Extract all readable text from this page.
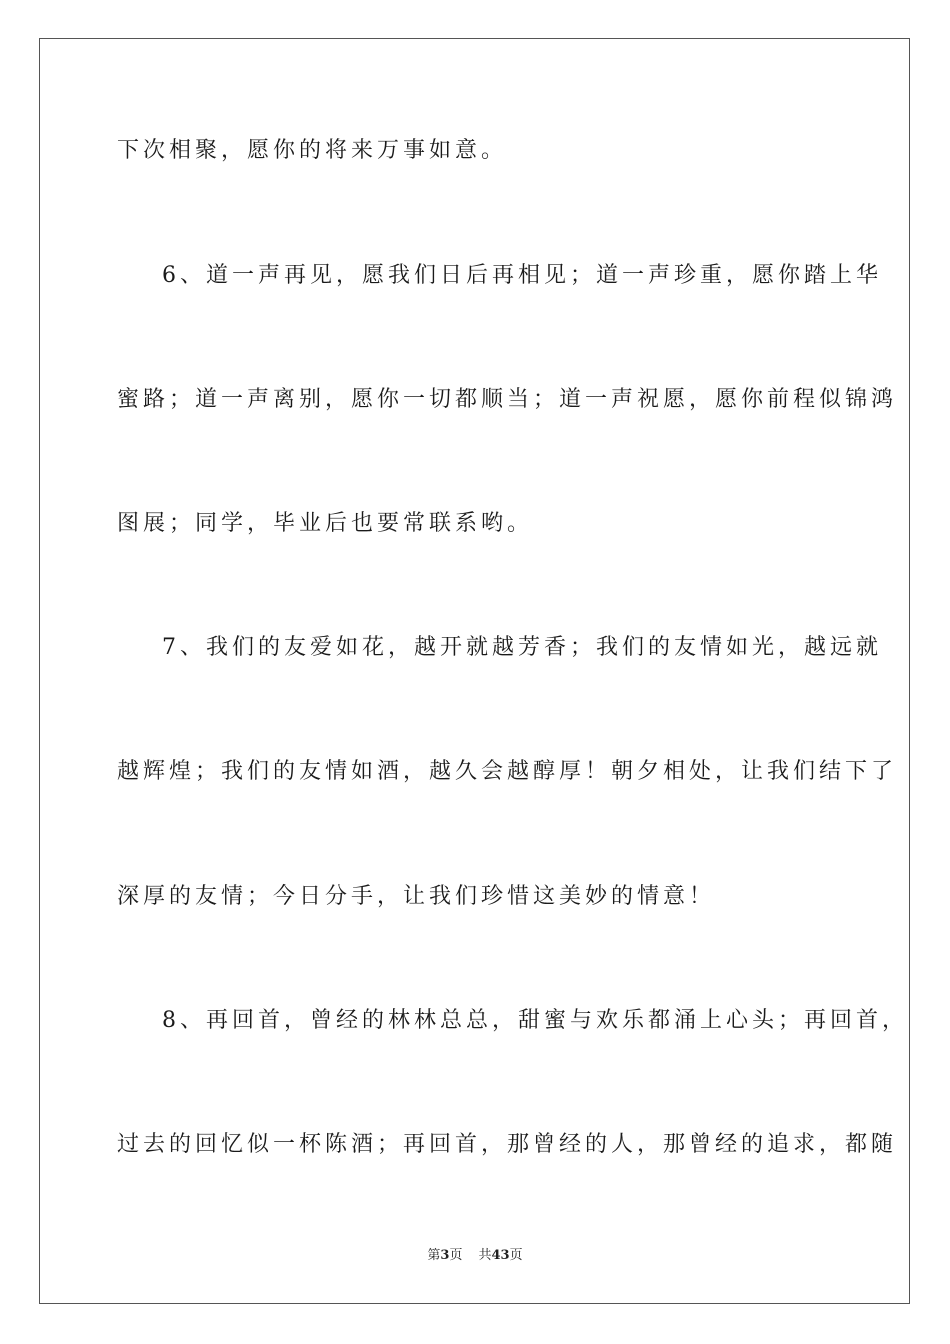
下次相聚，愿你的将来万事如意。
6、道一声再见，愿我们日后再相见；道一声珍重，愿你踏上华
蜜路；道一声离别，愿你一切都顺当；道一声祝愿，愿你前程似锦鸿
图展；同学，毕业后也要常联系哟。
7、我们的友爱如花，越开就越芳香；我们的友情如光，越远就
越辉煌；我们的友情如酒，越久会越醇厚！朝夕相处，让我们结下了
深厚的友情；今日分手，让我们珍惜这美妙的情意！
8、再回首，曾经的林林总总，甜蜜与欢乐都涌上心头；再回首，
过去的回忆似一杯陈酒；再回首，那曾经的人，那曾经的追求，都随
第3页 共43页
